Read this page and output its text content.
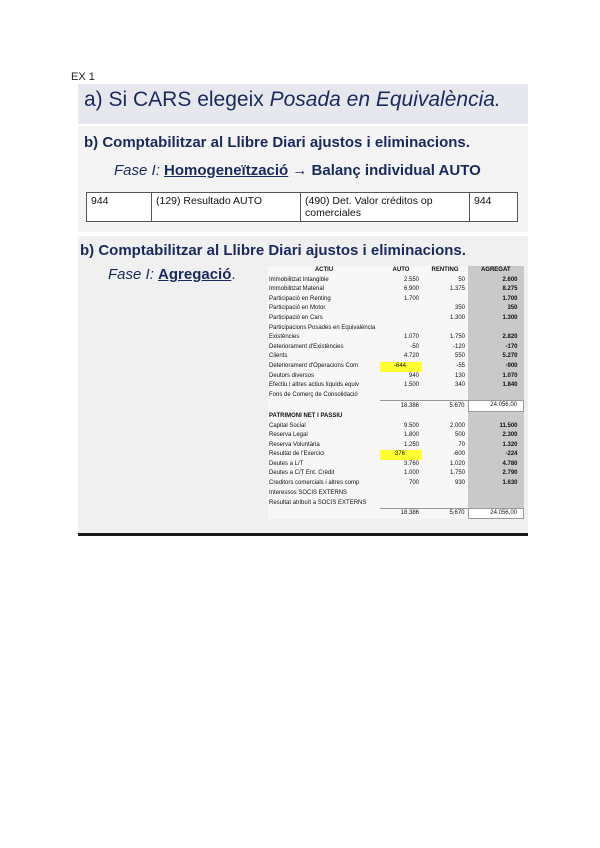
EX 1
a) Si CARS elegeix Posada en Equivalència.
b) Comptabilitzar al Llibre Diari ajustos i eliminacions.
Fase I: Homogeneïtzació → Balanç individual AUTO
944	(129) Resultado AUTO	(490) Det. Valor créditos op comerciales	944
b) Comptabilitzar al Llibre Diari ajustos i eliminacions.
Fase I: Agregació.	ACTIU	AUTO	RENTING	AGREGAT
Immobilitzat Intangible	2.550	50	2.600
Immobilitzat Material	6.900	1.375	8.275
Participació en Renting	1.700		1.700
Participació en Motor		350	350
Participació en Cars		1.300	1.300
Participacions Posades en Equivalència			
Existències	1.070	1.750	2.820
Deteriorament d'Existències	-50	-120	-170
Clients	4.720	550	5.270
Deteriorament d'Operacions Com	-644	-55	-900
Deutors diversos	940	130	1.070
Efectiu i altres actius líquids equiv	1.500	340	1.840
Fons de Comerç de Consolidació			
	18.386	5.670	24.056,00
PATRIMONI NET I PASSIU			
Capital Social	9.500	2.000	11.500
Reserva Legal	1.800	500	2.300
Reserva Voluntària	1.250	70	1.320
Resultat de l'Exercici	376	-600	-224
Deutes a L/T	3.760	1.020	4.780
Deutes a C/T Ent. Crèdit	1.000	1.750	2.790
Creditors comercials i altres comp	700	930	1.630
Interessos SOCIS EXTERNS			
Resultat atribuït a SOCIS EXTERNS			
	18.386	5.670	24.056,00
